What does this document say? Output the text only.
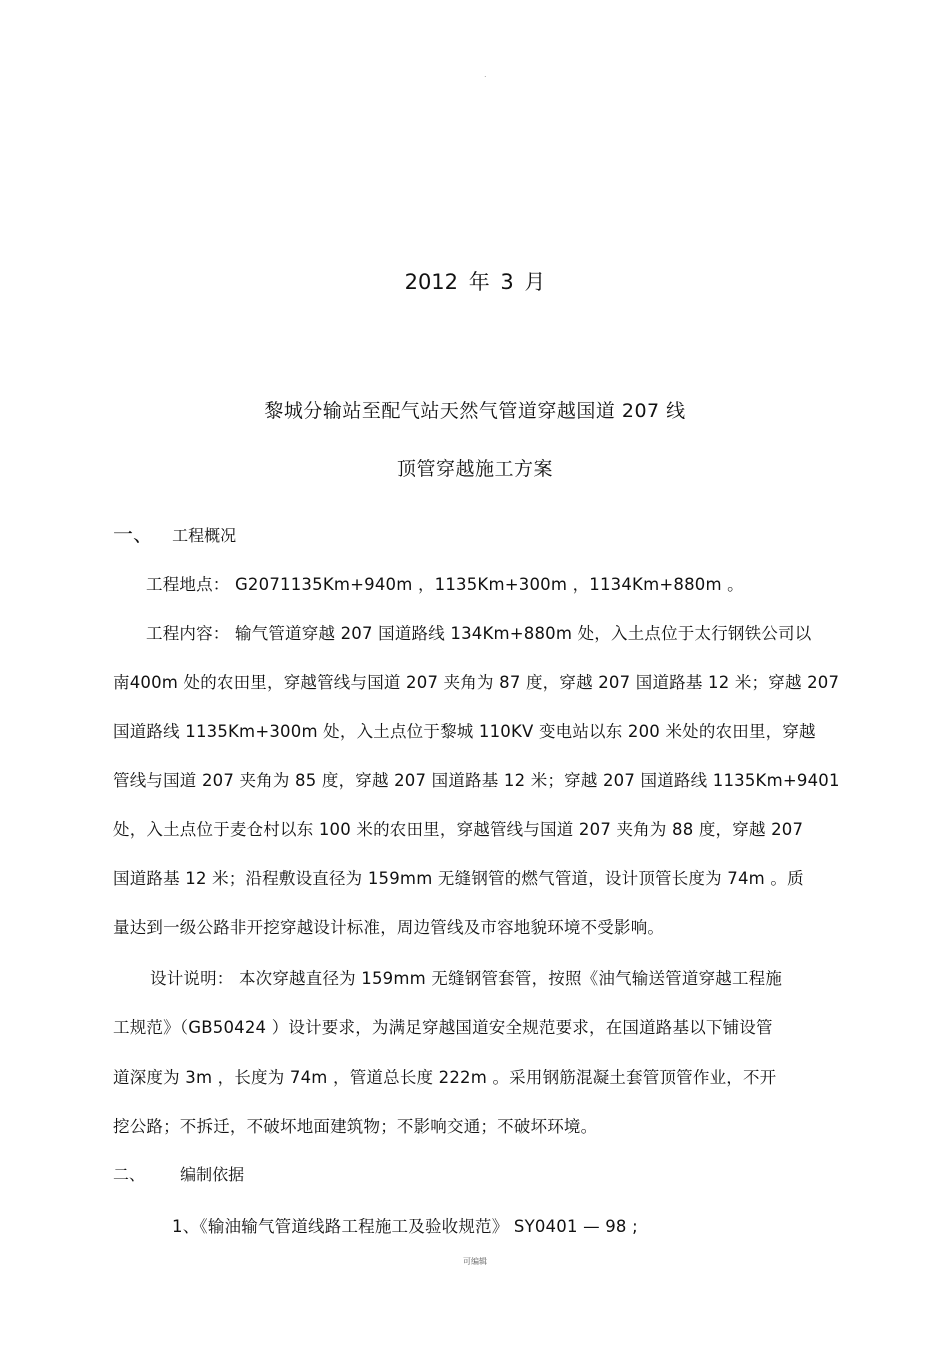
.
2012 年 3 月
黎城分输站至配气站天然气管道穿越国道 207 线
顶管穿越施工方案
一、 工程概况
工程地点： G2071135Km+940m ，1135Km+300m ，1134Km+880m 。
工程内容： 输气管道穿越 207 国道路线 134Km+880m 处，入土点位于太行钢铁公司以
南400m 处的农田里，穿越管线与国道 207 夹角为 87 度，穿越 207 国道路基 12 米；穿越 207
国道路线 1135Km+300m 处，入土点位于黎城 110KV 变电站以东 200 米处的农田里，穿越
管线与国道 207 夹角为 85 度，穿越 207 国道路基 12 米；穿越 207 国道路线 1135Km+9401
处，入土点位于麦仓村以东 100 米的农田里，穿越管线与国道 207 夹角为 88 度，穿越 207
国道路基 12 米；沿程敷设直径为 159mm 无缝钢管的燃气管道，设计顶管长度为 74m 。质
量达到一级公路非开挖穿越设计标准，周边管线及市容地貌环境不受影响。
设计说明： 本次穿越直径为 159mm 无缝钢管套管，按照《油气输送管道穿越工程施
工规范》（GB50424 ）设计要求，为满足穿越国道安全规范要求，在国道路基以下铺设管
道深度为 3m ，长度为 74m ，管道总长度 222m 。采用钢筋混凝土套管顶管作业，不开
挖公路；不拆迁，不破坏地面建筑物；不影响交通；不破坏环境。
二、 编制依据
1、《输油输气管道线路工程施工及验收规范》 SY0401 — 98 ;
可编辑
